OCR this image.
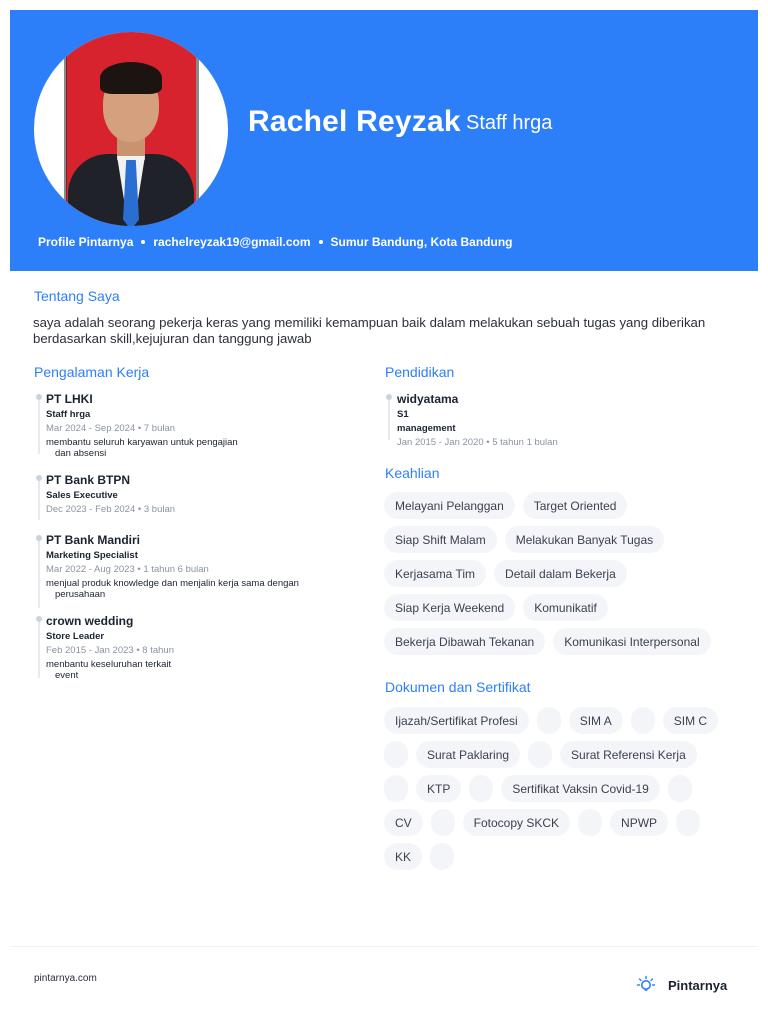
Rachel Reyzak Staff hrga
Profile Pintarnya rachelreyzak19@gmail.com Sumur Bandung, Kota Bandung
Tentang Saya
saya adalah seorang pekerja keras yang memiliki kemampuan baik dalam melakukan sebuah tugas yang diberikan berdasarkan skill,kejujuran dan tanggung jawab
Pengalaman Kerja
PT LHKI
Staff hrga
Mar 2024 - Sep 2024 • 7 bulan
membantu seluruh karyawan untuk pengajian
dan absensi
PT Bank BTPN
Sales Executive
Dec 2023 - Feb 2024 • 3 bulan
PT Bank Mandiri
Marketing Specialist
Mar 2022 - Aug 2023 • 1 tahun 6 bulan
menjual produk knowledge dan menjalin kerja sama dengan
perusahaan
crown wedding
Store Leader
Feb 2015 - Jan 2023 • 8 tahun
menbantu keseluruhan terkait
event
Pendidikan
widyatama
S1
management
Jan 2015 - Jan 2020 • 5 tahun 1 bulan
Keahlian
Melayani Pelanggan	Target Oriented
Siap Shift Malam	Melakukan Banyak Tugas
Kerjasama Tim	Detail dalam Bekerja
Siap Kerja Weekend	Komunikatif
Bekerja Dibawah Tekanan	Komunikasi Interpersonal
Dokumen dan Sertifikat
Ijazah/Sertifikat Profesi	SIM A	SIM C
Surat Paklaring	Surat Referensi Kerja
KTP	Sertifikat Vaksin Covid-19
CV	Fotocopy SKCK	NPWP
KK
pintarnya.com	Pintarnya
